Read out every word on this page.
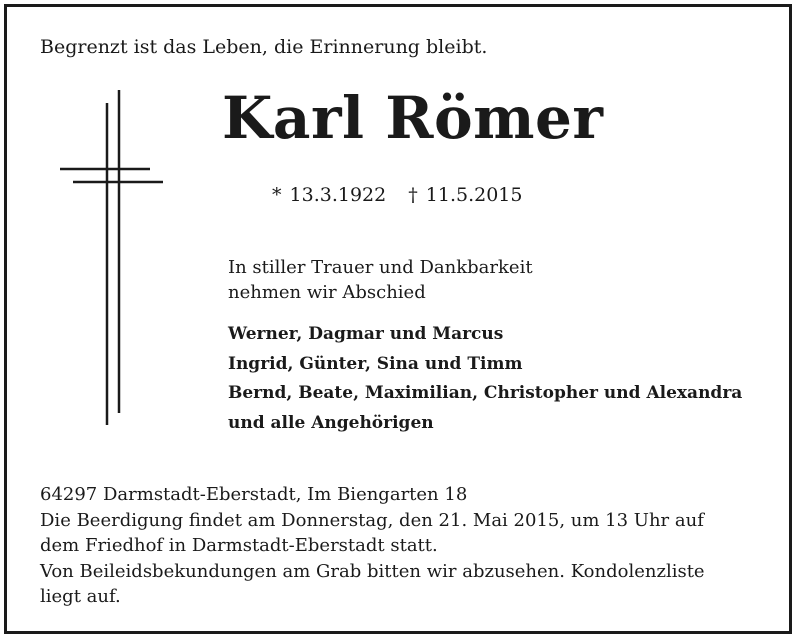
Begrenzt ist das Leben, die Erinnerung bleibt.
Karl Römer
* 13.3.1922 † 11.5.2015
In stiller Trauer und Dankbarkeit
nehmen wir Abschied
Werner, Dagmar und Marcus
Ingrid, Günter, Sina und Timm
Bernd, Beate, Maximilian, Christopher und Alexandra
und alle Angehörigen
64297 Darmstadt-Eberstadt, Im Biengarten 18
Die Beerdigung findet am Donnerstag, den 21. Mai 2015, um 13 Uhr auf
dem Friedhof in Darmstadt-Eberstadt statt.
Von Beileidsbekundungen am Grab bitten wir abzusehen. Kondolenzliste
liegt auf.
